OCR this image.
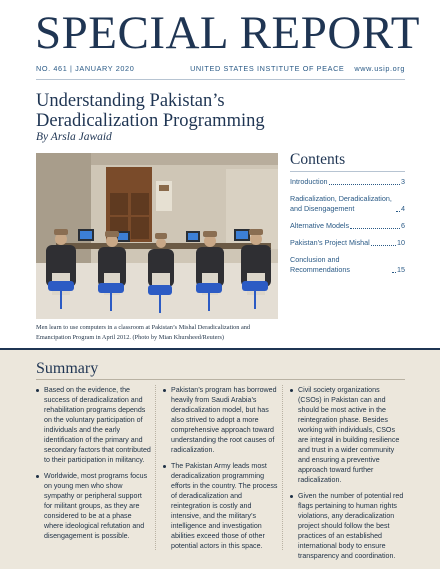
SPECIAL REPORT
NO. 461 | JANUARY 2020	UNITED STATES INSTITUTE OF PEACE www.usip.org
Understanding Pakistan’s
Deradicalization Programming
By Arsla Jawaid
Men learn to use computers in a classroom at Pakistan’s Mishal Deradicalization and Emancipation Program in April 2012. (Photo by Mian Khursheed/Reuters)
Contents
Introduction	3
Radicalization, Deradicalization, and Disengagement	4
Alternative Models	6
Pakistan’s Project Mishal	10
Conclusion and Recommendations	15
Summary
Based on the evidence, the success of deradicalization and rehabilitation programs depends on the voluntary participation of individuals and the early identification of the primary and secondary factors that contributed to their participation in militancy.
Worldwide, most programs focus on young men who show sympathy or peripheral support for militant groups, as they are considered to be at a phase where ideological refutation and disengagement is possible.
Pakistan’s program has borrowed heavily from Saudi Arabia’s deradicalization model, but has also strived to adopt a more comprehensive approach toward understanding the root causes of radicalization.
The Pakistan Army leads most deradicalization programming efforts in the country. The process of deradicalization and reintegration is costly and intensive, and the military’s intelligence and investigation abilities exceed those of other potential actors in this space.
Civil society organizations (CSOs) in Pakistan can and should be most active in the reintegration phase. Besides working with individuals, CSOs are integral in building resilience and trust in a wider community and ensuring a preventive approach toward further radicalization.
Given the number of potential red flags pertaining to human rights violations, any deradicalization project should follow the best practices of an established international body to ensure transparency and coordination.
